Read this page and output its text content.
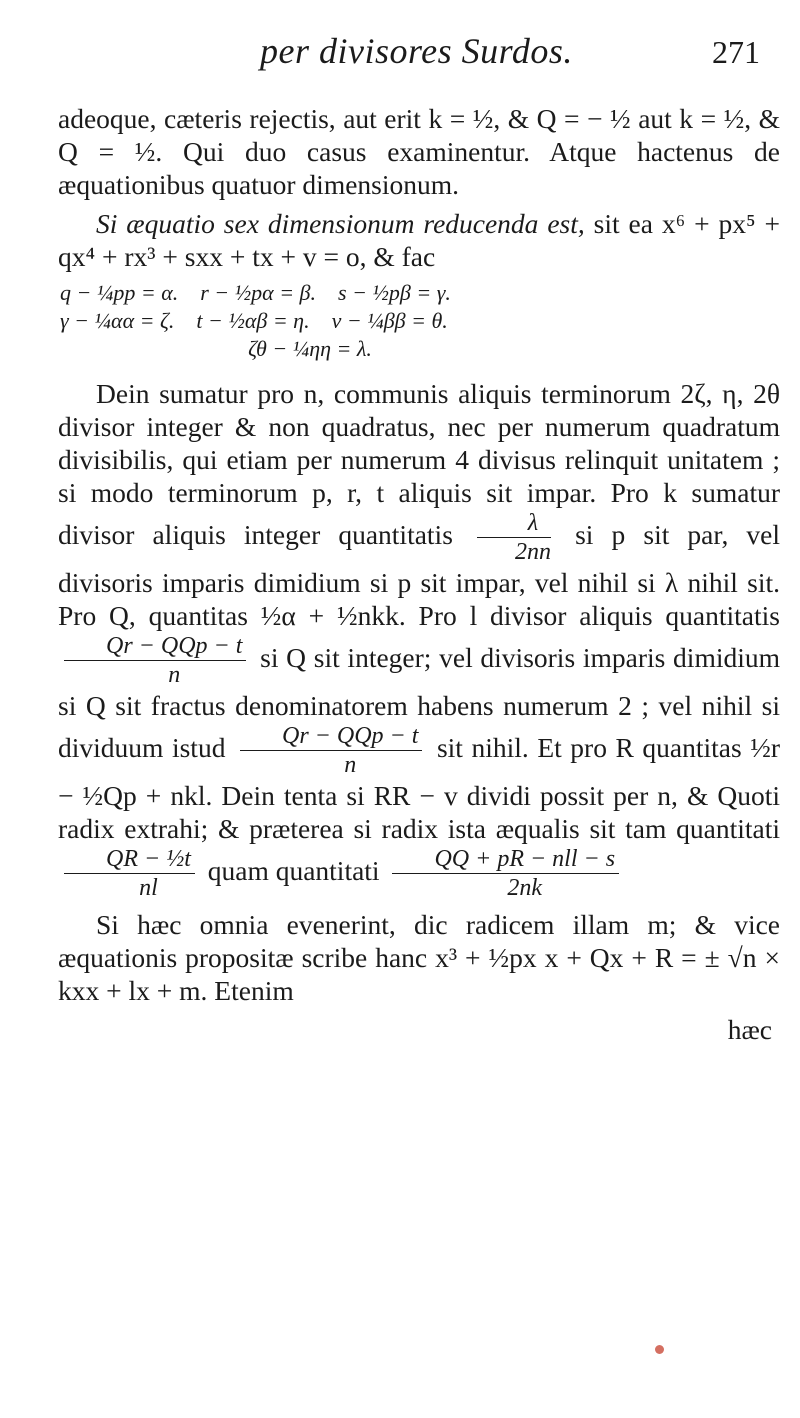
per divisores Surdos.	271

adeoque, cæteris rejectis, aut erit k = ½, & Q = − ½ aut k = ½, & Q = ½. Qui duo casus examinentur. Atque hactenus de æquationibus quatuor dimensionum.

Si æquatio sex dimensionum reducenda est, sit ea x⁶ + px⁵ + qx⁴ + rx³ + sxx + tx + v = o, & fac

q − ¼pp = α. r − ½pα = β. s − ½pβ = γ.
γ − ¼αα = ζ. t − ½αβ = η. v − ¼ββ = θ.
ζθ − ¼ηη = λ.

Dein sumatur pro n, communis aliquis terminorum 2ζ, η, 2θ divisor integer & non quadratus, nec per numerum quadratum divisibilis, qui etiam per numerum 4 divisus relinquit unitatem ; si modo terminorum p, r, t aliquis sit impar. Pro k sumatur divisor aliquis integer quantitatis $\frac{\lambda}{2nn}$ si p sit par, vel divisoris imparis dimidium si p sit impar, vel nihil si λ nihil sit. Pro Q, quantitas ½α + ½nkk. Pro l divisor aliquis quantitatis
$\frac{\text{Qr − QQp − t}}{n}$ si Q sit integer; vel divisoris imparis dimidium si Q sit fractus denominatorem habens numerum 2 ; vel nihil si dividuum istud $\frac{\text{Qr − QQp − t}}{n}$ sit nihil. Et pro R quantitas ½r − ½Qp + nkl. Dein tenta si RR − v dividi possit per n, & Quoti radix extrahi; & præterea si radix ista æqualis sit tam quantitati
$\frac{\text{QR − ½t}}{nl}$ quam quantitati $\frac{\text{QQ + pR − nll − s}}{2nk}$

Si hæc omnia evenerint, dic radicem illam m; & vice æquationis propositæ scribe hanc x³ + ½px x + Qx + R = ± √n × kxx + lx + m. Etenim

hæc
